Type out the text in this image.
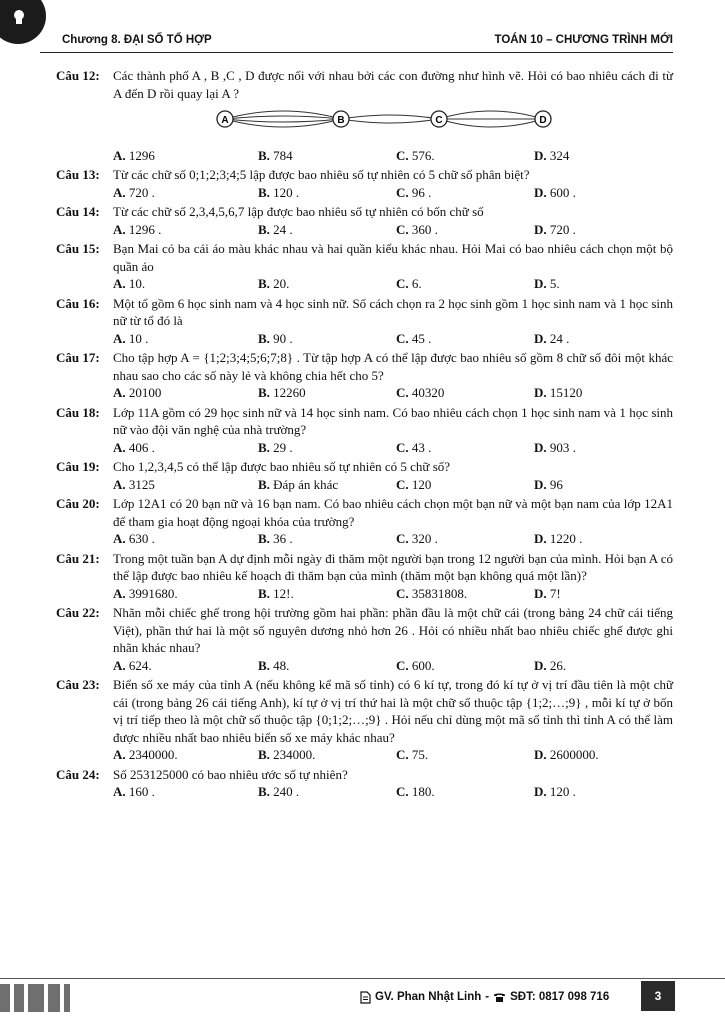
Chương 8. ĐẠI SỐ TỔ HỢP	TOÁN 10 – CHƯƠNG TRÌNH MỚI
Câu 12: Các thành phố A , B ,C , D được nối với nhau bởi các con đường như hình vẽ. Hỏi có bao nhiêu cách đi từ A đến D rồi quay lại A ?
A	B	C	D
A. 1296	B. 784	C. 576.	D. 324
Câu 13: Từ các chữ số 0;1;2;3;4;5 lập được bao nhiêu số tự nhiên có 5 chữ số phân biệt?
A. 720 .	B. 120 .	C. 96 .	D. 600 .
Câu 14: Từ các chữ số 2,3,4,5,6,7 lập được bao nhiêu số tự nhiên có bốn chữ số
A. 1296 .	B. 24 .	C. 360 .	D. 720 .
Câu 15: Bạn Mai có ba cái áo màu khác nhau và hai quần kiểu khác nhau. Hỏi Mai có bao nhiêu cách chọn một bộ quần áo
A. 10.	B. 20.	C. 6.	D. 5.
Câu 16: Một tổ gồm 6 học sinh nam và 4 học sinh nữ. Số cách chọn ra 2 học sinh gồm 1 học sinh nam và 1 học sinh nữ từ tổ đó là
A. 10 .	B. 90 .	C. 45 .	D. 24 .
Câu 17: Cho tập hợp A = {1;2;3;4;5;6;7;8} . Từ tập hợp A có thể lập được bao nhiêu số gồm 8 chữ số đôi một khác nhau sao cho các số này lẻ và không chia hết cho 5?
A. 20100	B. 12260	C. 40320	D. 15120
Câu 18: Lớp 11A gồm có 29 học sinh nữ và 14 học sinh nam. Có bao nhiêu cách chọn 1 học sinh nam và 1 học sinh nữ vào đội văn nghệ của nhà trường?
A. 406 .	B. 29 .	C. 43 .	D. 903 .
Câu 19: Cho 1,2,3,4,5 có thể lập được bao nhiêu số tự nhiên có 5 chữ số?
A. 3125	B. Đáp án khác	C. 120	D. 96
Câu 20: Lớp 12A1 có 20 bạn nữ và 16 bạn nam. Có bao nhiêu cách chọn một bạn nữ và một bạn nam của lớp 12A1 để tham gia hoạt động ngoại khóa của trường?
A. 630 .	B. 36 .	C. 320 .	D. 1220 .
Câu 21: Trong một tuần bạn A dự định mỗi ngày đi thăm một người bạn trong 12 người bạn của mình. Hỏi bạn A có thể lập được bao nhiêu kế hoạch đi thăm bạn của mình (thăm một bạn không quá một lần)?
A. 3991680.	B. 12!.	C. 35831808.	D. 7!
Câu 22: Nhãn mỗi chiếc ghế trong hội trường gồm hai phần: phần đầu là một chữ cái (trong bảng 24 chữ cái tiếng Việt), phần thứ hai là một số nguyên dương nhỏ hơn 26 . Hỏi có nhiều nhất bao nhiêu chiếc ghế được ghi nhãn khác nhau?
A. 624.	B. 48.	C. 600.	D. 26.
Câu 23: Biển số xe máy của tỉnh A (nếu không kể mã số tỉnh) có 6 kí tự, trong đó kí tự ở vị trí đầu tiên là một chữ cái (trong bảng 26 cái tiếng Anh), kí tự ở vị trí thứ hai là một chữ số thuộc tập {1;2;…;9} , mỗi kí tự ở bốn vị trí tiếp theo là một chữ số thuộc tập {0;1;2;…;9} . Hỏi nếu chỉ dùng một mã số tỉnh thì tỉnh A có thể làm được nhiều nhất bao nhiêu biển số xe máy khác nhau?
A. 2340000.	B. 234000.	C. 75.	D. 2600000.
Câu 24: Số 253125000 có bao nhiêu ước số tự nhiên?
A. 160 .	B. 240 .	C. 180.	D. 120 .
GV. Phan Nhật Linh - SĐT: 0817 098 716	3
